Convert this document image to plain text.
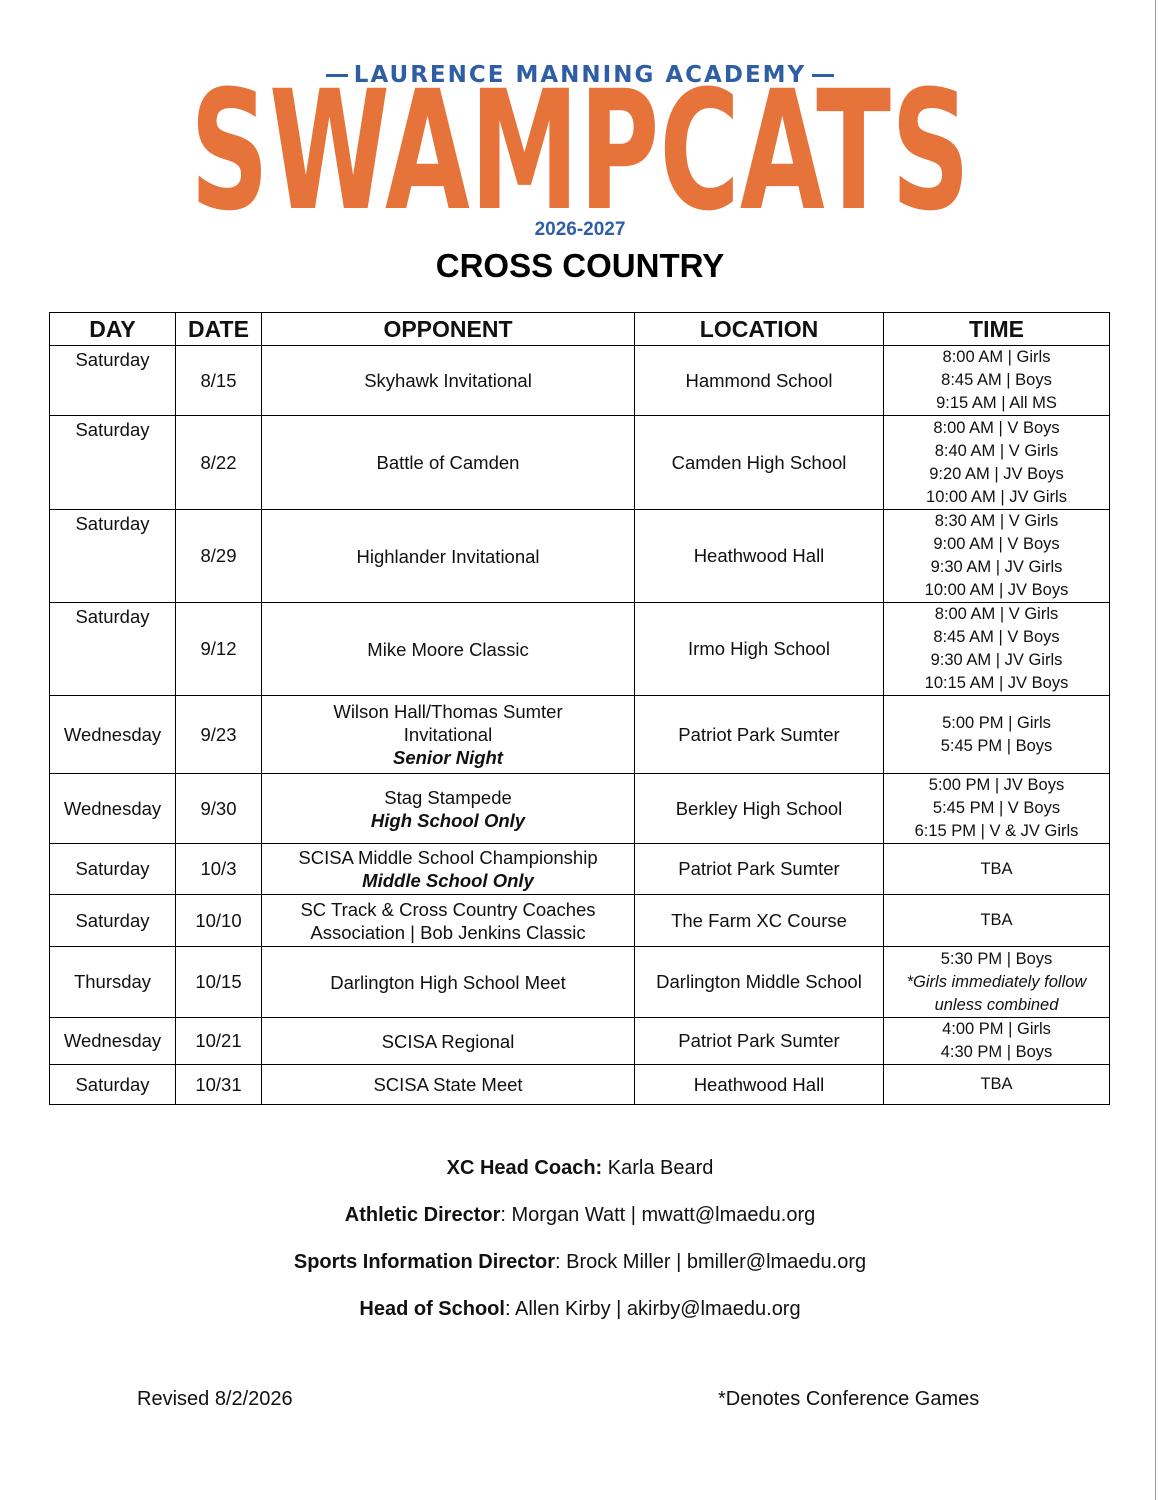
LAURENCE MANNING ACADEMY
SWAMPCATS
2026-2027
CROSS COUNTRY
DAY	DATE	OPPONENT	LOCATION	TIME
Saturday	8/15	Skyhawk Invitational	Hammond School	8:00 AM | Girls
8:45 AM | Boys
9:15 AM | All MS

Saturday	8/22	Battle of Camden	Camden High School	8:00 AM | V Boys
8:40 AM | V Girls
9:20 AM | JV Boys
10:00 AM | JV Girls

Saturday	8/29	Highlander Invitational	Heathwood Hall	8:30 AM | V Girls
9:00 AM | V Boys
9:30 AM | JV Girls
10:00 AM | JV Boys

Saturday	9/12	Mike Moore Classic	Irmo High School	8:00 AM | V Girls
8:45 AM | V Boys
9:30 AM | JV Girls
10:15 AM | JV Boys

Wednesday	9/23	Wilson Hall/Thomas Sumter
Invitational
Senior Night	Patriot Park Sumter	5:00 PM | Girls
5:45 PM | Boys

Wednesday	9/30	Stag Stampede
High School Only	Berkley High School	5:00 PM | JV Boys
5:45 PM | V Boys
6:15 PM | V & JV Girls

Saturday	10/3	SCISA Middle School Championship
Middle School Only	Patriot Park Sumter	TBA

Saturday	10/10	SC Track & Cross Country Coaches
Association | Bob Jenkins Classic	The Farm XC Course	TBA

Thursday	10/15	Darlington High School Meet	Darlington Middle School	5:30 PM | Boys
*Girls immediately follow
unless combined

Wednesday	10/21	SCISA Regional	Patriot Park Sumter	4:00 PM | Girls
4:30 PM | Boys

Saturday	10/31	SCISA State Meet	Heathwood Hall	TBA
XC Head Coach: Karla Beard
Athletic Director: Morgan Watt | mwatt@lmaedu.org
Sports Information Director: Brock Miller | bmiller@lmaedu.org
Head of School: Allen Kirby | akirby@lmaedu.org
Revised 8/2/2026	*Denotes Conference Games
